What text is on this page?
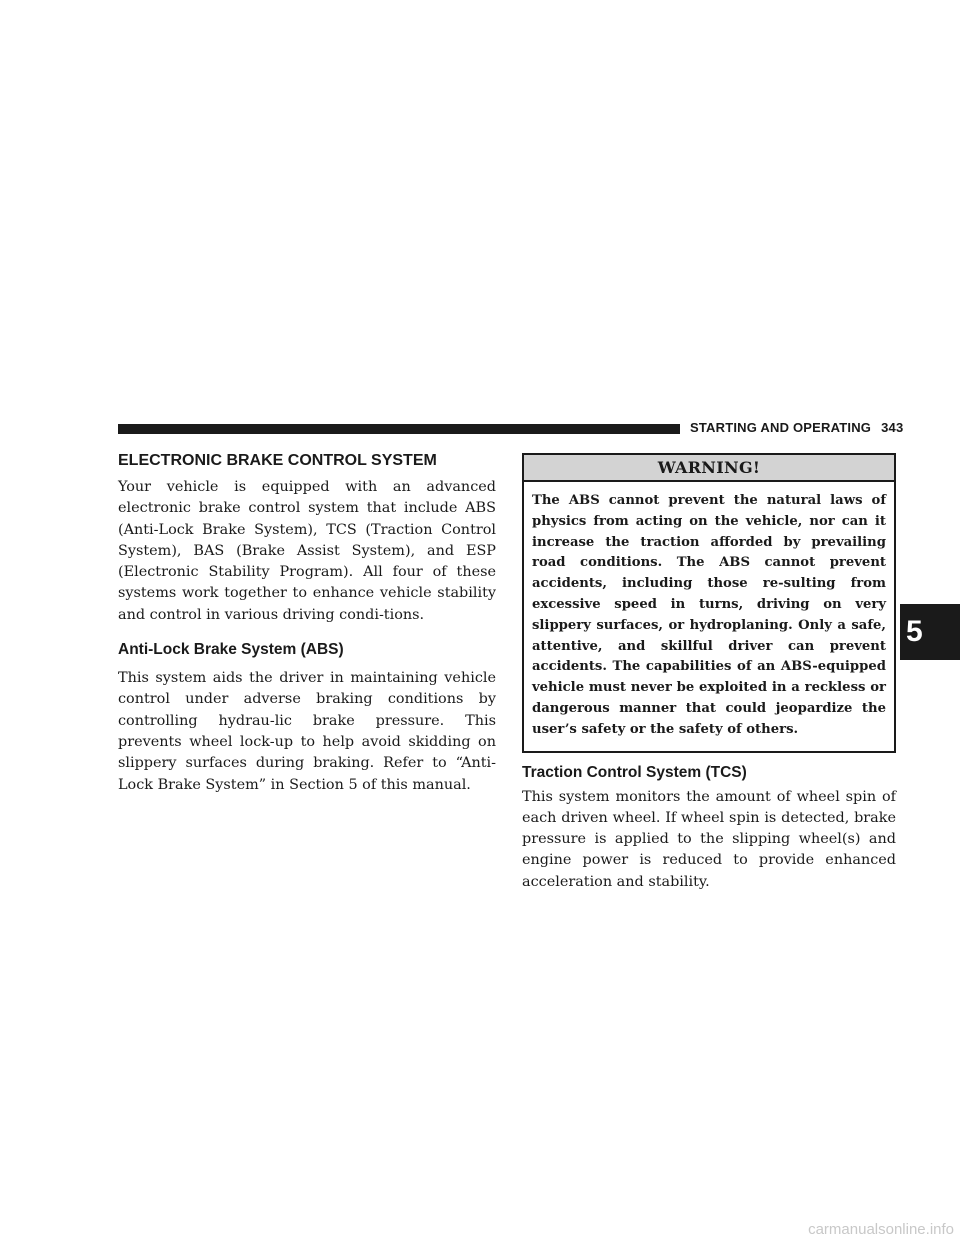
STARTING AND OPERATING 343
ELECTRONIC BRAKE CONTROL SYSTEM

Your vehicle is equipped with an advanced electronic brake control system that include ABS (Anti-Lock Brake System), TCS (Traction Control System), BAS (Brake Assist System), and ESP (Electronic Stability Program). All four of these systems work together to enhance vehicle stability and control in various driving condi-tions.

Anti-Lock Brake System (ABS)

This system aids the driver in maintaining vehicle control under adverse braking conditions by controlling hydrau-lic brake pressure. This prevents wheel lock-up to help avoid skidding on slippery surfaces during braking. Refer to “Anti-Lock Brake System” in Section 5 of this manual.

WARNING!

The ABS cannot prevent the natural laws of physics from acting on the vehicle, nor can it increase the traction afforded by prevailing road conditions. The ABS cannot prevent accidents, including those re-sulting from excessive speed in turns, driving on very slippery surfaces, or hydroplaning. Only a safe, attentive, and skillful driver can prevent accidents. The capabilities of an ABS-equipped vehicle must never be exploited in a reckless or dangerous manner that could jeopardize the user’s safety or the safety of others.

Traction Control System (TCS)

This system monitors the amount of wheel spin of each driven wheel. If wheel spin is detected, brake pressure is applied to the slipping wheel(s) and engine power is reduced to provide enhanced acceleration and stability.

5
carmanualsonline.info
